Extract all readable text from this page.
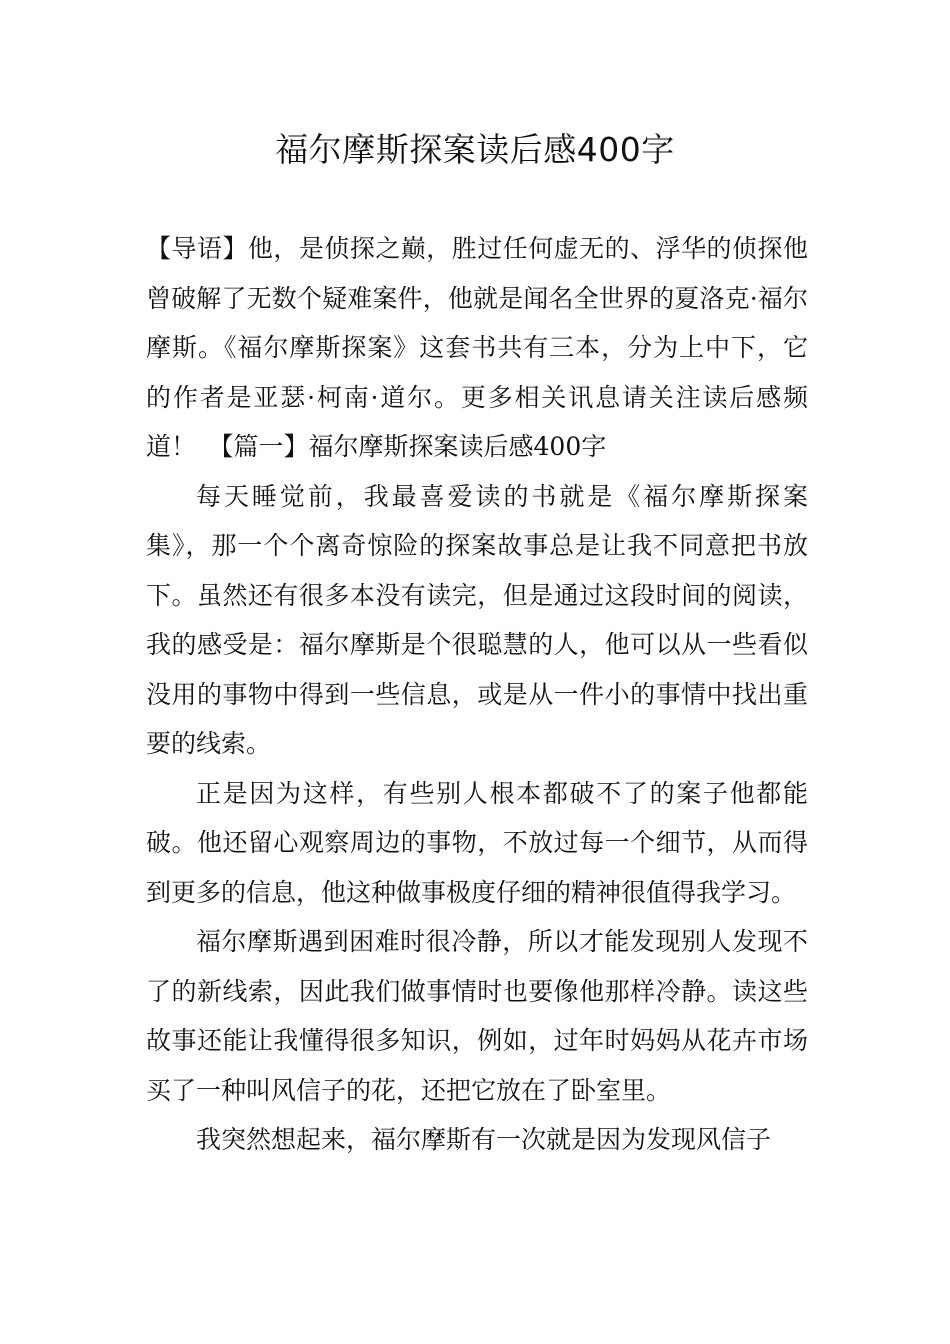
福尔摩斯探案读后感400字

【导语】他，是侦探之巅，胜过任何虚无的、浮华的侦探他曾破解了无数个疑难案件，他就是闻名全世界的夏洛克·福尔摩斯。《福尔摩斯探案》这套书共有三本，分为上中下，它的作者是亚瑟·柯南·道尔。更多相关讯息请关注读后感频道！　【篇一】福尔摩斯探案读后感400字

每天睡觉前，我最喜爱读的书就是《福尔摩斯探案集》，那一个个离奇惊险的探案故事总是让我不同意把书放下。虽然还有很多本没有读完，但是通过这段时间的阅读，我的感受是：福尔摩斯是个很聪慧的人，他可以从一些看似没用的事物中得到一些信息，或是从一件小的事情中找出重要的线索。

正是因为这样，有些别人根本都破不了的案子他都能破。他还留心观察周边的事物，不放过每一个细节，从而得到更多的信息，他这种做事极度仔细的精神很值得我学习。

福尔摩斯遇到困难时很冷静，所以才能发现别人发现不了的新线索，因此我们做事情时也要像他那样冷静。读这些故事还能让我懂得很多知识，例如，过年时妈妈从花卉市场买了一种叫风信子的花，还把它放在了卧室里。

我突然想起来，福尔摩斯有一次就是因为发现风信子
